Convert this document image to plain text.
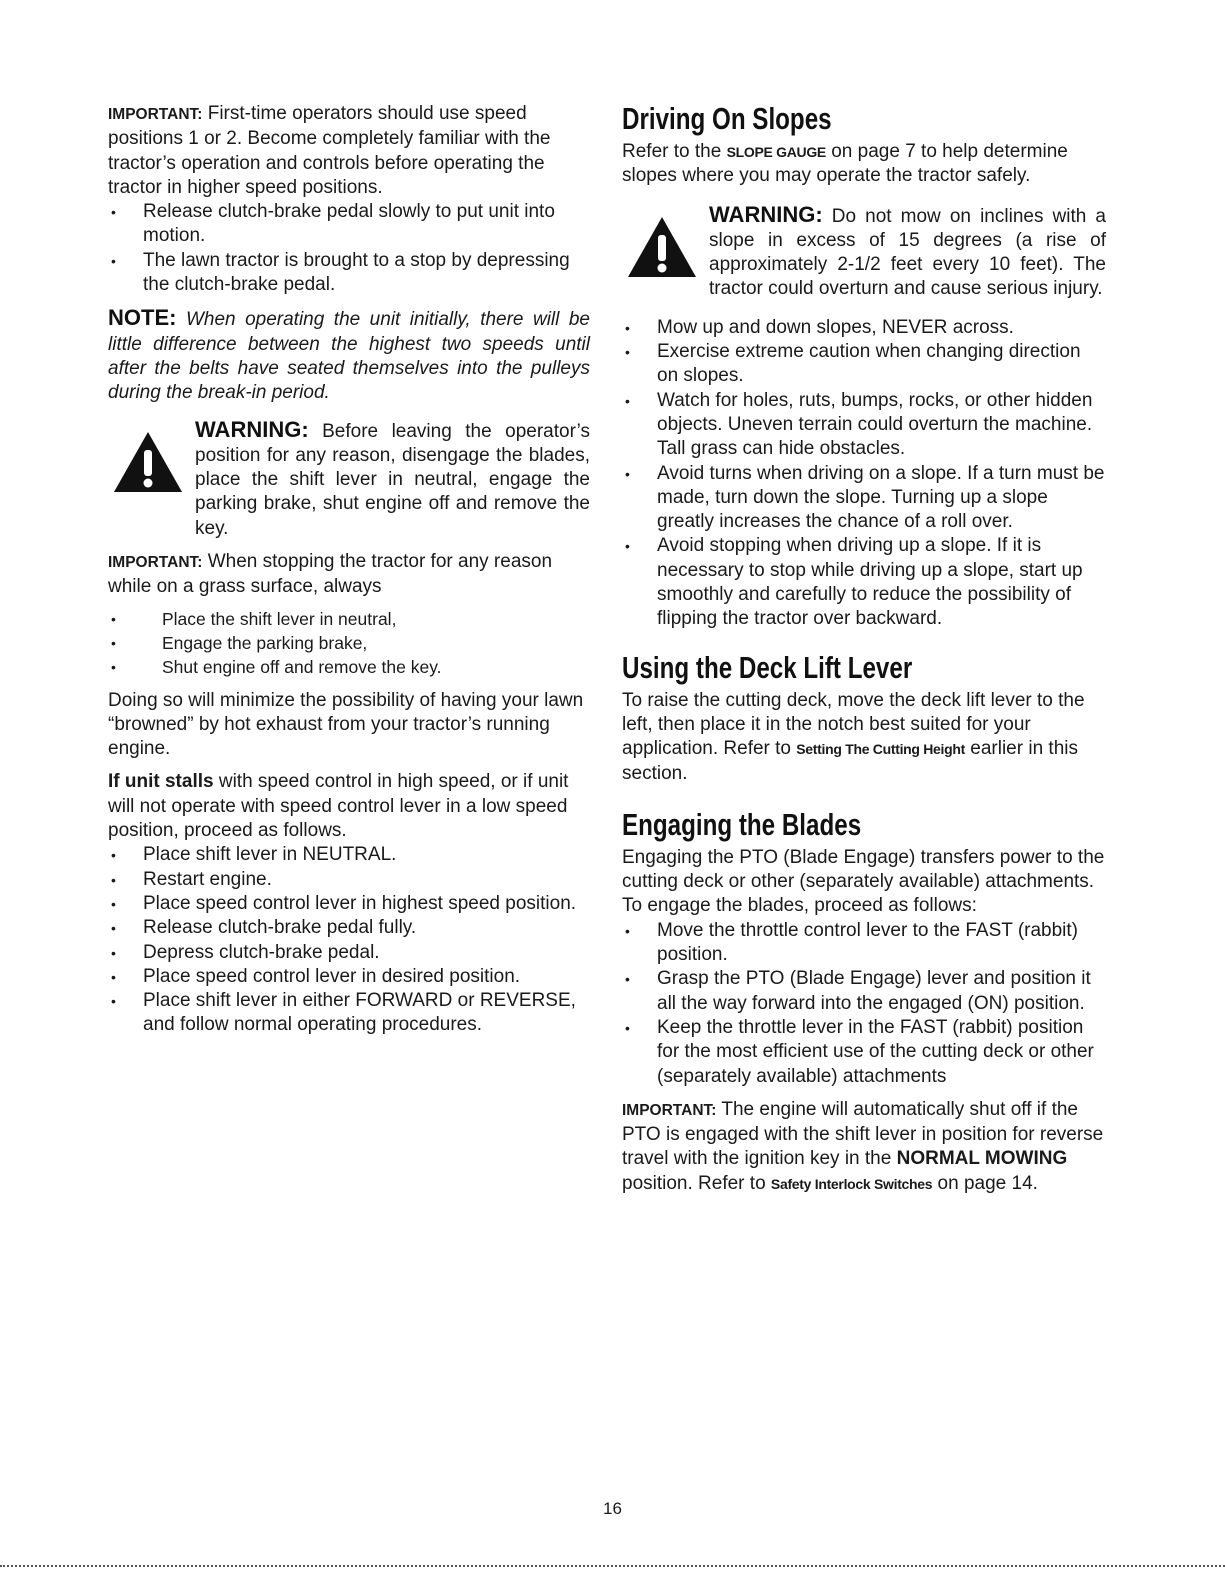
IMPORTANT: First-time operators should use speed positions 1 or 2. Become completely familiar with the tractor’s operation and controls before operating the tractor in higher speed positions.

• Release clutch-brake pedal slowly to put unit into motion.
• The lawn tractor is brought to a stop by depressing the clutch-brake pedal.

NOTE: When operating the unit initially, there will be little difference between the highest two speeds until after the belts have seated themselves into the pulleys during the break-in period.

WARNING: Before leaving the operator’s position for any reason, disengage the blades, place the shift lever in neutral, engage the parking brake, shut engine off and remove the key.

IMPORTANT: When stopping the tractor for any reason while on a grass surface, always

• Place the shift lever in neutral,
• Engage the parking brake,
• Shut engine off and remove the key.

Doing so will minimize the possibility of having your lawn “browned” by hot exhaust from your tractor’s running engine.

If unit stalls with speed control in high speed, or if unit will not operate with speed control lever in a low speed position, proceed as follows.

• Place shift lever in NEUTRAL.
• Restart engine.
• Place speed control lever in highest speed position.
• Release clutch-brake pedal fully.
• Depress clutch-brake pedal.
• Place speed control lever in desired position.
• Place shift lever in either FORWARD or REVERSE, and follow normal operating procedures.
Driving On Slopes

Refer to the SLOPE GAUGE on page 7 to help determine slopes where you may operate the tractor safely.

WARNING: Do not mow on inclines with a slope in excess of 15 degrees (a rise of approximately 2-1/2 feet every 10 feet). The tractor could overturn and cause serious injury.
• Mow up and down slopes, NEVER across.
• Exercise extreme caution when changing direction on slopes.
• Watch for holes, ruts, bumps, rocks, or other hidden objects. Uneven terrain could overturn the machine. Tall grass can hide obstacles.
• Avoid turns when driving on a slope. If a turn must be made, turn down the slope. Turning up a slope greatly increases the chance of a roll over.
• Avoid stopping when driving up a slope. If it is necessary to stop while driving up a slope, start up smoothly and carefully to reduce the possibility of flipping the tractor over backward.
Using the Deck Lift Lever

To raise the cutting deck, move the deck lift lever to the left, then place it in the notch best suited for your application. Refer to Setting The Cutting Height earlier in this section.

Engaging the Blades

Engaging the PTO (Blade Engage) transfers power to the cutting deck or other (separately available) attachments. To engage the blades, proceed as follows:

• Move the throttle control lever to the FAST (rabbit) position.
• Grasp the PTO (Blade Engage) lever and position it all the way forward into the engaged (ON) position.
• Keep the throttle lever in the FAST (rabbit) position for the most efficient use of the cutting deck or other (separately available) attachments

IMPORTANT: The engine will automatically shut off if the PTO is engaged with the shift lever in position for reverse travel with the ignition key in the NORMAL MOWING position. Refer to Safety Interlock Switches on page 14.

16
